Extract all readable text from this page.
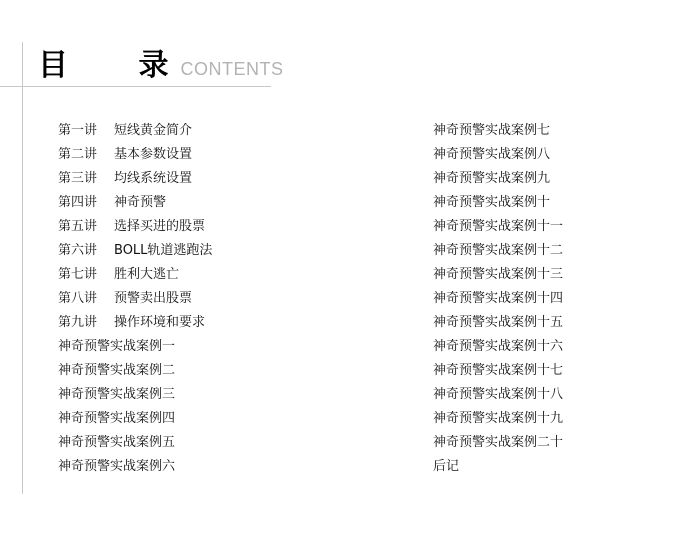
目 录
CONTENTS
第一讲	短线黄金简介
第二讲	基本参数设置
第三讲	均线系统设置
第四讲	神奇预警
第五讲	选择买进的股票
第六讲	BOLL轨道逃跑法
第七讲	胜利大逃亡
第八讲	预警卖出股票
第九讲	操作环境和要求
神奇预警实战案例一
神奇预警实战案例二
神奇预警实战案例三
神奇预警实战案例四
神奇预警实战案例五
神奇预警实战案例六
神奇预警实战案例七
神奇预警实战案例八
神奇预警实战案例九
神奇预警实战案例十
神奇预警实战案例十一
神奇预警实战案例十二
神奇预警实战案例十三
神奇预警实战案例十四
神奇预警实战案例十五
神奇预警实战案例十六
神奇预警实战案例十七
神奇预警实战案例十八
神奇预警实战案例十九
神奇预警实战案例二十
后记
